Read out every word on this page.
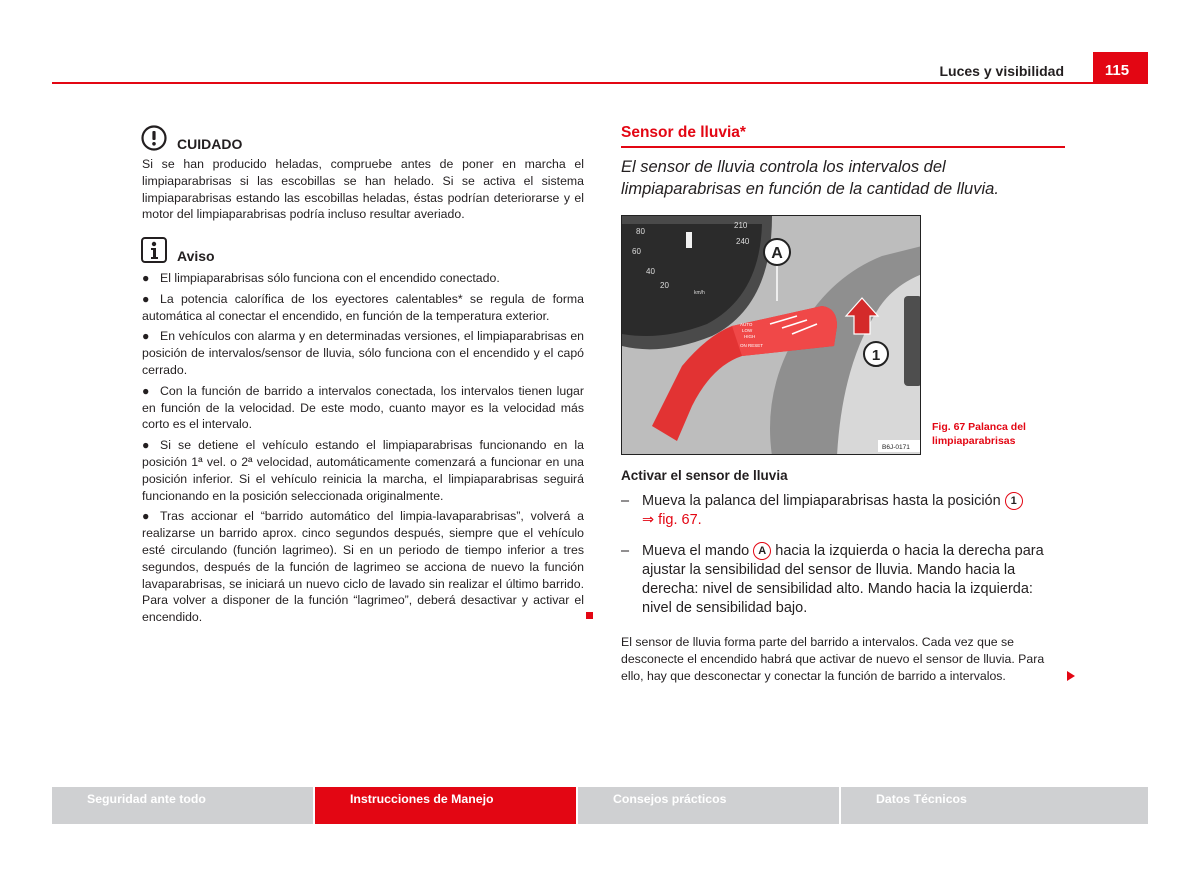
Luces y visibilidad	115
CUIDADO
Si se han producido heladas, compruebe antes de poner en marcha el limpiaparabrisas si las escobillas se han helado. Si se activa el sistema limpiaparabrisas estando las escobillas heladas, éstas podrían deteriorarse y el motor del limpiaparabrisas podría incluso resultar averiado.
Aviso
● El limpiaparabrisas sólo funciona con el encendido conectado.
● La potencia calorífica de los eyectores calentables* se regula de forma automática al conectar el encendido, en función de la temperatura exterior.
● En vehículos con alarma y en determinadas versiones, el limpiaparabrisas en posición de intervalos/sensor de lluvia, sólo funciona con el encendido y el capó cerrado.
● Con la función de barrido a intervalos conectada, los intervalos tienen lugar en función de la velocidad. De este modo, cuanto mayor es la velocidad más corto es el intervalo.
● Si se detiene el vehículo estando el limpiaparabrisas funcionando en la posición 1ª vel. o 2ª velocidad, automáticamente comenzará a funcionar en una posición inferior. Si el vehículo reinicia la marcha, el limpiaparabrisas seguirá funcionando en la posición seleccionada originalmente.
● Tras accionar el “barrido automático del limpia-lavaparabrisas”, volverá a realizarse un barrido aprox. cinco segundos después, siempre que el vehículo esté circulando (función lagrimeo). Si en un periodo de tiempo inferior a tres segundos, después de la función de lagrimeo se acciona de nuevo la función lavaparabrisas, se iniciará un nuevo ciclo de lavado sin realizar el último barrido. Para volver a disponer de la función “lagrimeo”, deberá desactivar y activar el encendido.
Sensor de lluvia*
El sensor de lluvia controla los intervalos del limpiaparabrisas en función de la cantidad de lluvia.
210
80
240
60
40
20
km/h
AUTO
LOW
HIGH
ON RESET
A
1
B6J-0171
Fig. 67 Palanca del limpiaparabrisas
Activar el sensor de lluvia
– Mueva la palanca del limpiaparabrisas hasta la posición 1
⇒ fig. 67.
– Mueva el mando A hacia la izquierda o hacia la derecha para ajustar la sensibilidad del sensor de lluvia. Mando hacia la derecha: nivel de sensibilidad alto. Mando hacia la izquierda: nivel de sensibilidad bajo.
El sensor de lluvia forma parte del barrido a intervalos. Cada vez que se desconecte el encendido habrá que activar de nuevo el sensor de lluvia. Para ello, hay que desconectar y conectar la función de barrido a intervalos.
Seguridad ante todo	Instrucciones de Manejo	Consejos prácticos	Datos Técnicos
